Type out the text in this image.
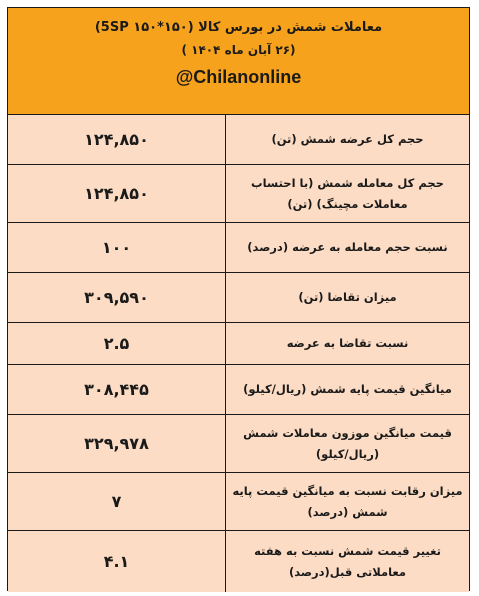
معاملات شمش در بورس کالا (۱۵۰*۱۵۰ 5SP)
(۲۶ آبان ماه ۱۴۰۴ )
@Chilanonline
حجم کل عرضه شمش (تن)
۱۲۴,۸۵۰
حجم کل معامله شمش (با احتساب معاملات مچینگ) (تن)
۱۲۴,۸۵۰
نسبت حجم معامله به عرضه (درصد)
۱۰۰
میزان تقاضا (تن)
۳۰۹,۵۹۰
نسبت تقاضا به عرضه
۲.۵
میانگین قیمت پایه شمش (ریال/کیلو)
۳۰۸,۴۴۵
قیمت میانگین موزون معاملات شمش (ریال/کیلو)
۳۲۹,۹۷۸
میزان رقابت نسبت به میانگین قیمت پایه شمش (درصد)
۷
تغییر قیمت شمش نسبت به هفته معاملاتی قبل(درصد)
۴.۱
